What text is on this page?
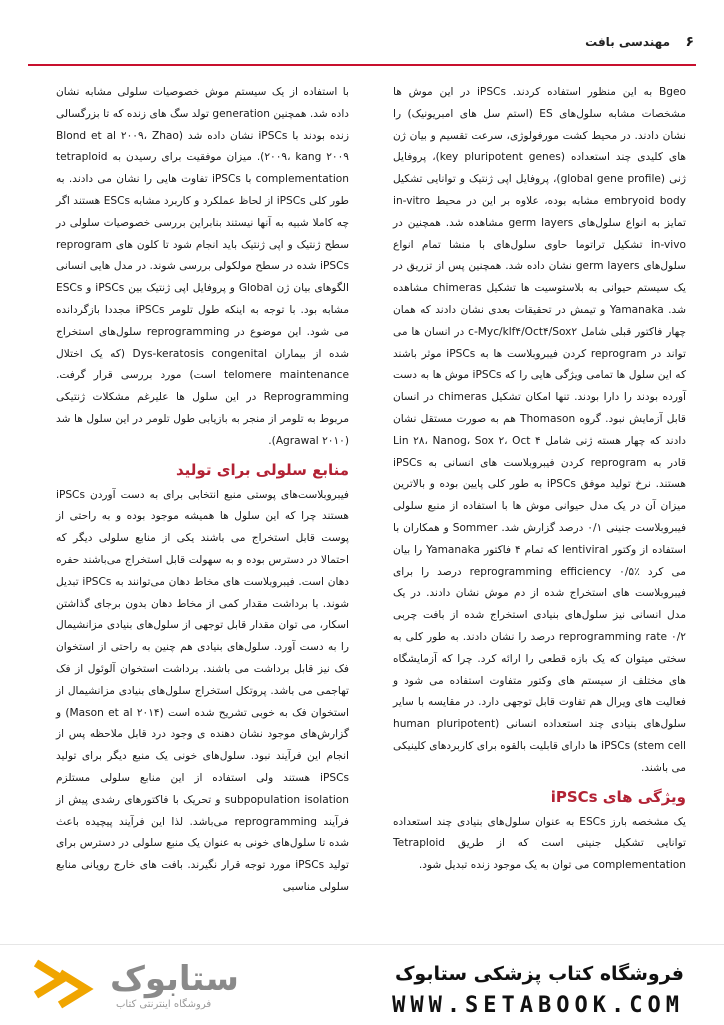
۶
مهندسی بافت

Bgeo به این منظور استفاده کردند. iPSCs در این موش ها مشخصات مشابه سلول‌های ES (استم سل های امبریونیک) را نشان دادند. در محیط کشت مورفولوژی، سرعت تقسیم و بیان ژن های کلیدی چند استعداده (key pluripotent genes)، پروفایل ژنی (global gene profile)، پروفایل اپی ژنتیک و توانایی تشکیل embryoid body مشابه بوده، علاوه بر این در محیط in-vitro تمایز به انواع سلول‌های germ layers مشاهده شد. همچنین در in-vivo تشکیل تراتوما حاوی سلول‌های با منشا تمام انواع سلول‌های germ layers نشان داده شد. همچنین پس از تزریق در یک سیستم حیوانی به بلاستوسیت ها تشکیل chimeras مشاهده شد. Yamanaka و تیمش در تحقیقات بعدی نشان دادند که همان چهار فاکتور قبلی شامل c-Myc/klf۴/Oct۴/Sox۲ در انسان ها می تواند در reprogram کردن فیبروبلاست ها به iPSCs موثر باشند که این سلول ها تمامی ویژگی هایی را که iPSCs موش ها به دست آورده بودند را دارا بودند. تنها امکان تشکیل chimeras در انسان قابل آزمایش نبود. گروه Thomason هم به صورت مستقل نشان دادند که چهار هسته ژنی شامل Lin ۲۸، Nanog، Sox ۲، Oct ۴ قادر به reprogram کردن فیبروبلاست های انسانی به iPSCs هستند. نرخ تولید موفق iPSCs به طور کلی پایین بوده و بالاترین میزان آن در یک مدل حیوانی موش ها با استفاده از منبع سلولی فیبروبلاست جنینی ۰/۱ درصد گزارش شد. Sommer و همکاران با استفاده از وکتور lentiviral که تمام ۴ فاکتور Yamanaka را بیان می کرد reprogramming efficiency ۰/۵٪ درصد را برای فیبروبلاست های استخراج شده از دم موش نشان دادند. در یک مدل انسانی نیز سلول‌های بنیادی استخراج شده از بافت چربی reprogramming rate ۰/۲ درصد را نشان دادند. به طور کلی به سختی میتوان که یک بازه قطعی را ارائه کرد. چرا که آزمایشگاه های مختلف از سیستم های وکتور متفاوت استفاده می شود و فعالیت های ویرال هم تفاوت قابل توجهی دارد. در مقایسه با سایر سلول‌های بنیادی چند استعداده انسانی (human pluripotent stem cell) iPSCs ها دارای قابلیت بالقوه برای کاربردهای کلینیکی می باشند.

ویژگی های iPSCs

یک مشخصه بارز ESCs به عنوان سلول‌های بنیادی چند استعداده توانایی تشکیل جنینی است که از طریق Tetraploid complementation می توان به یک موجود زنده تبدیل شود.

با استفاده از یک سیستم موش خصوصیات سلولی مشابه نشان داده شد. همچنین generation تولد سگ های زنده که تا بزرگسالی زنده بودند با iPSCs نشان داده شد (Blond et al ۲۰۰۹، Zhao ۲۰۰۹، kang ۲۰۰۹). میزان موفقیت برای رسیدن به tetraploid complementation با iPSCs تفاوت هایی را نشان می دادند. به طور کلی iPSCs از لحاظ عملکرد و کاربرد مشابه ESCs هستند اگر چه کاملا شبیه به آنها نیستند بنابراین بررسی خصوصیات سلولی در سطح ژنتیک و اپی ژنتیک باید انجام شود تا کلون های reprogram iPSCs شده در سطح مولکولی بررسی شوند. در مدل هایی انسانی الگوهای بیان ژن Global و پروفایل اپی ژنتیک بین iPSCs و ESCs مشابه بود. با توجه به اینکه طول تلومر iPSCs مجددا بازگردانده می شود. این موضوع در reprogramming سلول‌های استخراج شده از بیماران Dys-keratosis congenital (که یک اختلال telomere maintenance است) مورد بررسی قرار گرفت. Reprogramming در این سلول ها علیرغم مشکلات ژنتیکی مربوط به تلومر از منجر به بازیابی طول تلومر در این سلول ها شد (Agrawal ۲۰۱۰).

منابع سلولی برای تولید

فیبروبلاست‌های پوستی منبع انتخابی برای به دست آوردن iPSCs هستند چرا که این سلول ها همیشه موجود بوده و به راحتی از پوست قابل استخراج می باشند یکی از منابع سلولی دیگر که احتمالا در دسترس بوده و به سهولت قابل استخراج می‌باشند حفره دهان است. فیبروبلاست های مخاط دهان می‌توانند به iPSCs تبدیل شوند. با برداشت مقدار کمی از مخاط دهان بدون برجای گذاشتن اسکار، می توان مقدار قابل توجهی از سلول‌های بنیادی مزانشیمال را به دست آورد. سلول‌های بنیادی هم چنین به راحتی از استخوان فک نیز قابل برداشت می باشند. برداشت استخوان آلوئول از فک تهاجمی می باشد. پروتکل استخراج سلول‌های بنیادی مزانشیمال از استخوان فک به خوبی تشریح شده است (Mason et al ۲۰۱۴) و گزارش‌های موجود نشان دهنده ی وجود درد قابل ملاحظه پس از انجام این فرآیند نبود. سلول‌های خونی یک منبع دیگر برای تولید iPSCs هستند ولی استفاده از این منابع سلولی مستلزم subpopulation isolation و تحریک با فاکتورهای رشدی پیش از فرآیند reprogramming می‌باشد. لذا این فرآیند پیچیده باعث شده تا سلول‌های خونی به عنوان یک منبع سلولی در دسترس برای تولید iPSCs مورد توجه قرار نگیرند. بافت های خارج رویانی منابع سلولی مناسبی

ستابوک
فروشگاه اینترنتی کتاب
فروشگاه کتاب پزشکی ستابوک
WWW.SETABOOK.COM
